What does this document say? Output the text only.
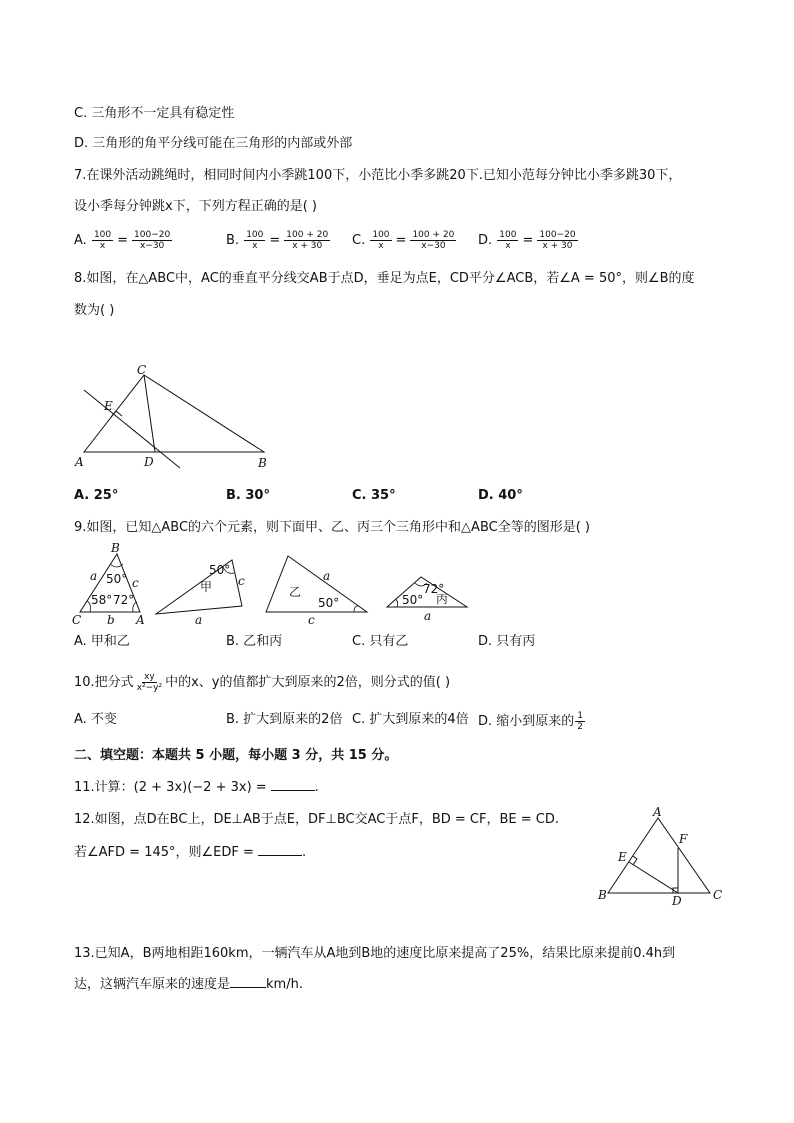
C. 三角形不一定具有稳定性
D. 三角形的角平分线可能在三角形的内部或外部
7.在课外活动跳绳时，相同时间内小季跳100下，小范比小季多跳20下.已知小范每分钟比小季多跳30下，
设小季每分钟跳x下，下列方程正确的是( )
A. $\frac{100}{x} = \frac{100-20}{x-30}$	B. $\frac{100}{x} = \frac{100 + 20}{x + 30} C$. $\frac{100}{x} = \frac{100 + 20}{x-30} D$. $\frac{100}{x} = \frac{100-20}{x + 30}$
8.如图，在△ABC中，AC的垂直平分线交AB于点D，垂足为点E，CD平分∠ACB，若∠A = 50°，则∠B的度
数为( )
C
E
A	D	B
A. 25°	B. 30°	C. 35°	D. 40°
9.如图，已知△ABC的六个元素，则下面甲、乙、丙三个三角形中和△ABC全等的图形是( )
B
a	c
50°
58° 72°
C b A
50°
甲 c
a
乙
a
50°
c
72°
50° 丙
a
A. 甲和乙	B. 乙和丙	C. 只有乙	D. 只有丙
10.把分式 $\frac{xy}{\text{x²−y²}}$ 中的x、y的值都扩大到原来的2倍，则分式的值( )
A. 不变	B. 扩大到原来的2倍 C. 扩大到原来的4倍 D. 缩小到原来的 $\frac{1}{2}$
二、填空题：本题共 5 小题，每小题 3 分，共 15 分。
11.计算：(2 + 3x)(−2 + 3x) =	.
12.如图，点D在BC上，DE⊥AB于点E，DF⊥BC交AC于点F，BD = CF，BE = CD.
若∠AFD = 145°，则∠EDF =	.
A
F
E
B	D	C
13.已知A，B两地相距160km，一辆汽车从A地到B地的速度比原来提高了25%，结果比原来提前0.4h到
达，这辆汽车原来的速度是	km/h.
